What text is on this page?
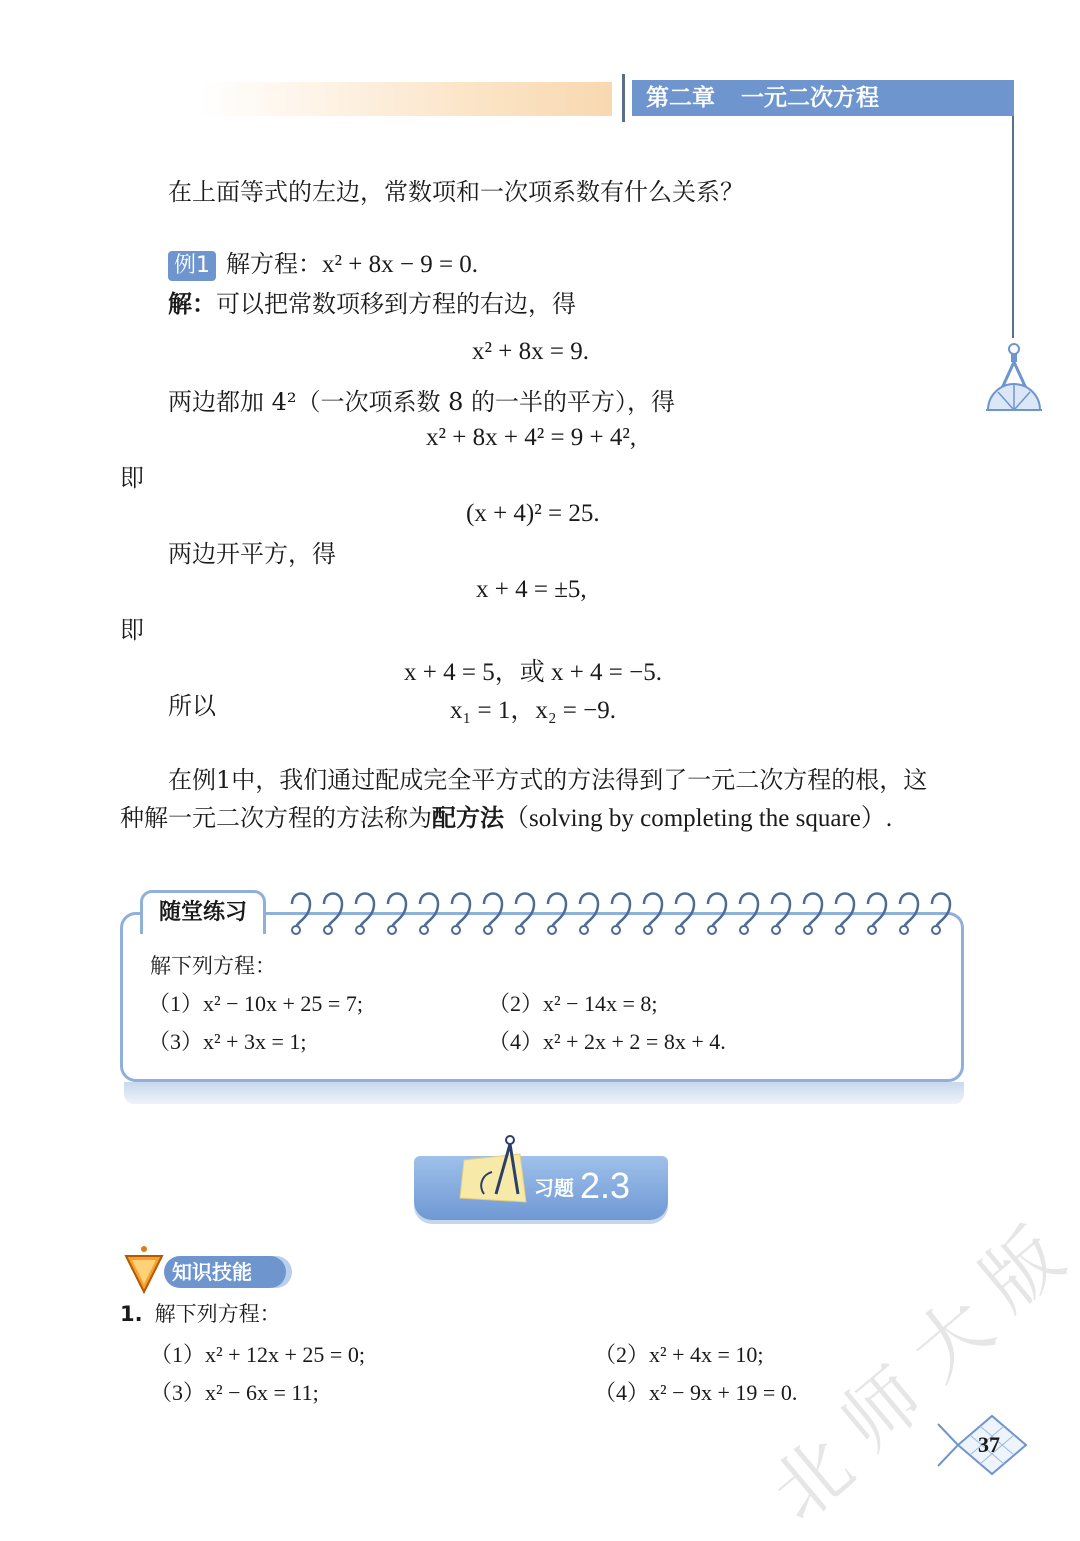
第二章 一元二次方程
在上面等式的左边，常数项和一次项系数有什么关系？
例1 解方程：x² + 8x − 9 = 0.
解：可以把常数项移到方程的右边，得
x² + 8x = 9.
两边都加 4²（一次项系数 8 的一半的平方），得
x² + 8x + 4² = 9 + 4²,
即
(x + 4)² = 25.
两边开平方，得
x + 4 = ±5,
即
x + 4 = 5，或 x + 4 = −5.
所以	x₁ = 1，x₂ = −9.
在例1中，我们通过配成完全平方式的方法得到了一元二次方程的根，这
种解一元二次方程的方法称为配方法（solving by completing the square）.
随堂练习
解下列方程：
（1）x² − 10x + 25 = 7;	（2）x² − 14x = 8;
（3）x² + 3x = 1;	（4）x² + 2x + 2 = 8x + 4.
习题 2.3
知识技能
1. 解下列方程：
（1）x² + 12x + 25 = 0;	（2）x² + 4x = 10;
（3）x² − 6x = 11;	（4）x² − 9x + 19 = 0.
北
师
大
版
37
